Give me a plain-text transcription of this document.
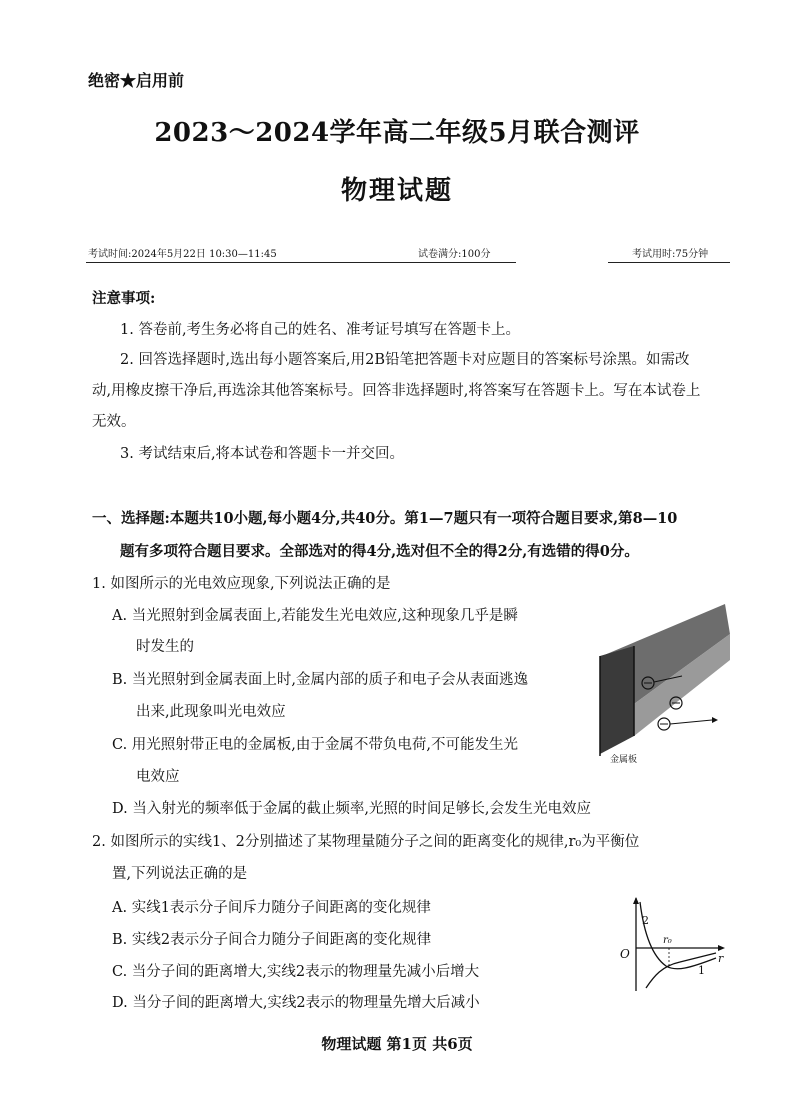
绝密★启用前
2023～2024学年高二年级5月联合测评
物理试题
考试时间:2024年5月22日 10:30—11:45	试卷满分:100分	考试用时:75分钟
注意事项:
1. 答卷前,考生务必将自己的姓名、准考证号填写在答题卡上。
2. 回答选择题时,选出每小题答案后,用2B铅笔把答题卡对应题目的答案标号涂黑。如需改
动,用橡皮擦干净后,再选涂其他答案标号。回答非选择题时,将答案写在答题卡上。写在本试卷上
无效。
3. 考试结束后,将本试卷和答题卡一并交回。
一、选择题:本题共10小题,每小题4分,共40分。第1—7题只有一项符合题目要求,第8—10
题有多项符合题目要求。全部选对的得4分,选对但不全的得2分,有选错的得0分。
1. 如图所示的光电效应现象,下列说法正确的是
A. 当光照射到金属表面上,若能发生光电效应,这种现象几乎是瞬
时发生的
B. 当光照射到金属表面上时,金属内部的质子和电子会从表面逃逸
出来,此现象叫光电效应
C. 用光照射带正电的金属板,由于金属不带负电荷,不可能发生光
电效应
D. 当入射光的频率低于金属的截止频率,光照的时间足够长,会发生光电效应
金属板
2. 如图所示的实线1、2分别描述了某物理量随分子之间的距离变化的规律,r₀为平衡位
置,下列说法正确的是
A. 实线1表示分子间斥力随分子间距离的变化规律
B. 实线2表示分子间合力随分子间距离的变化规律
C. 当分子间的距离增大,实线2表示的物理量先减小后增大
D. 当分子间的距离增大,实线2表示的物理量先增大后减小
2
1
r₀
O	r
物理试题 第1页 共6页
